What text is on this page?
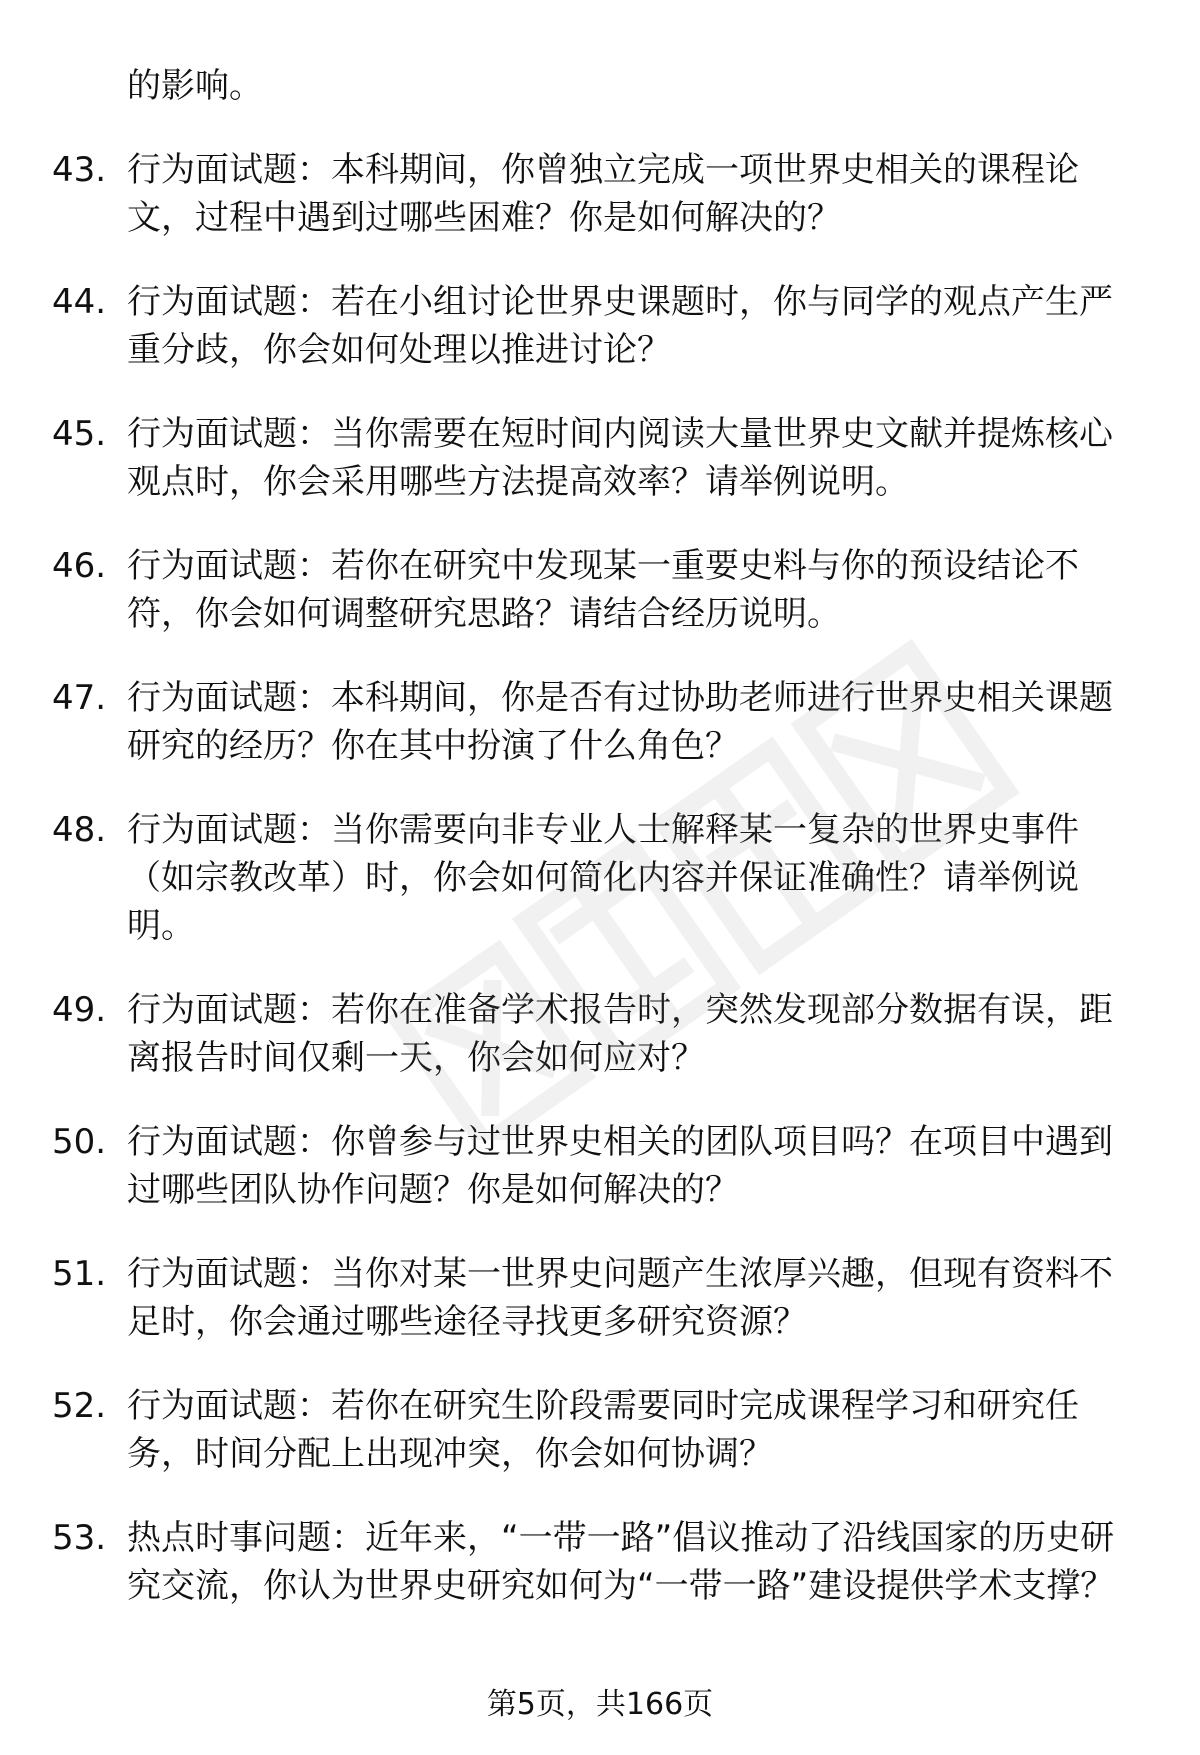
的影响。
43. 行为面试题：本科期间，你曾独立完成一项世界史相关的课程论文，过程中遇到过哪些困难？你是如何解决的？
44. 行为面试题：若在小组讨论世界史课题时，你与同学的观点产生严重分歧，你会如何处理以推进讨论？
45. 行为面试题：当你需要在短时间内阅读大量世界史文献并提炼核心观点时，你会采用哪些方法提高效率？请举例说明。
46. 行为面试题：若你在研究中发现某一重要史料与你的预设结论不符，你会如何调整研究思路？请结合经历说明。
47. 行为面试题：本科期间，你是否有过协助老师进行世界史相关课题研究的经历？你在其中扮演了什么角色？
48. 行为面试题：当你需要向非专业人士解释某一复杂的世界史事件（如宗教改革）时，你会如何简化内容并保证准确性？请举例说明。
49. 行为面试题：若你在准备学术报告时，突然发现部分数据有误，距离报告时间仅剩一天，你会如何应对？
50. 行为面试题：你曾参与过世界史相关的团队项目吗？在项目中遇到过哪些团队协作问题？你是如何解决的？
51. 行为面试题：当你对某一世界史问题产生浓厚兴趣，但现有资料不足时，你会通过哪些途径寻找更多研究资源？
52. 行为面试题：若你在研究生阶段需要同时完成课程学习和研究任务，时间分配上出现冲突，你会如何协调？
53. 热点时事问题：近年来，“一带一路”倡议推动了沿线国家的历史研究交流，你认为世界史研究如何为“一带一路”建设提供学术支撑？
第5页，共166页
